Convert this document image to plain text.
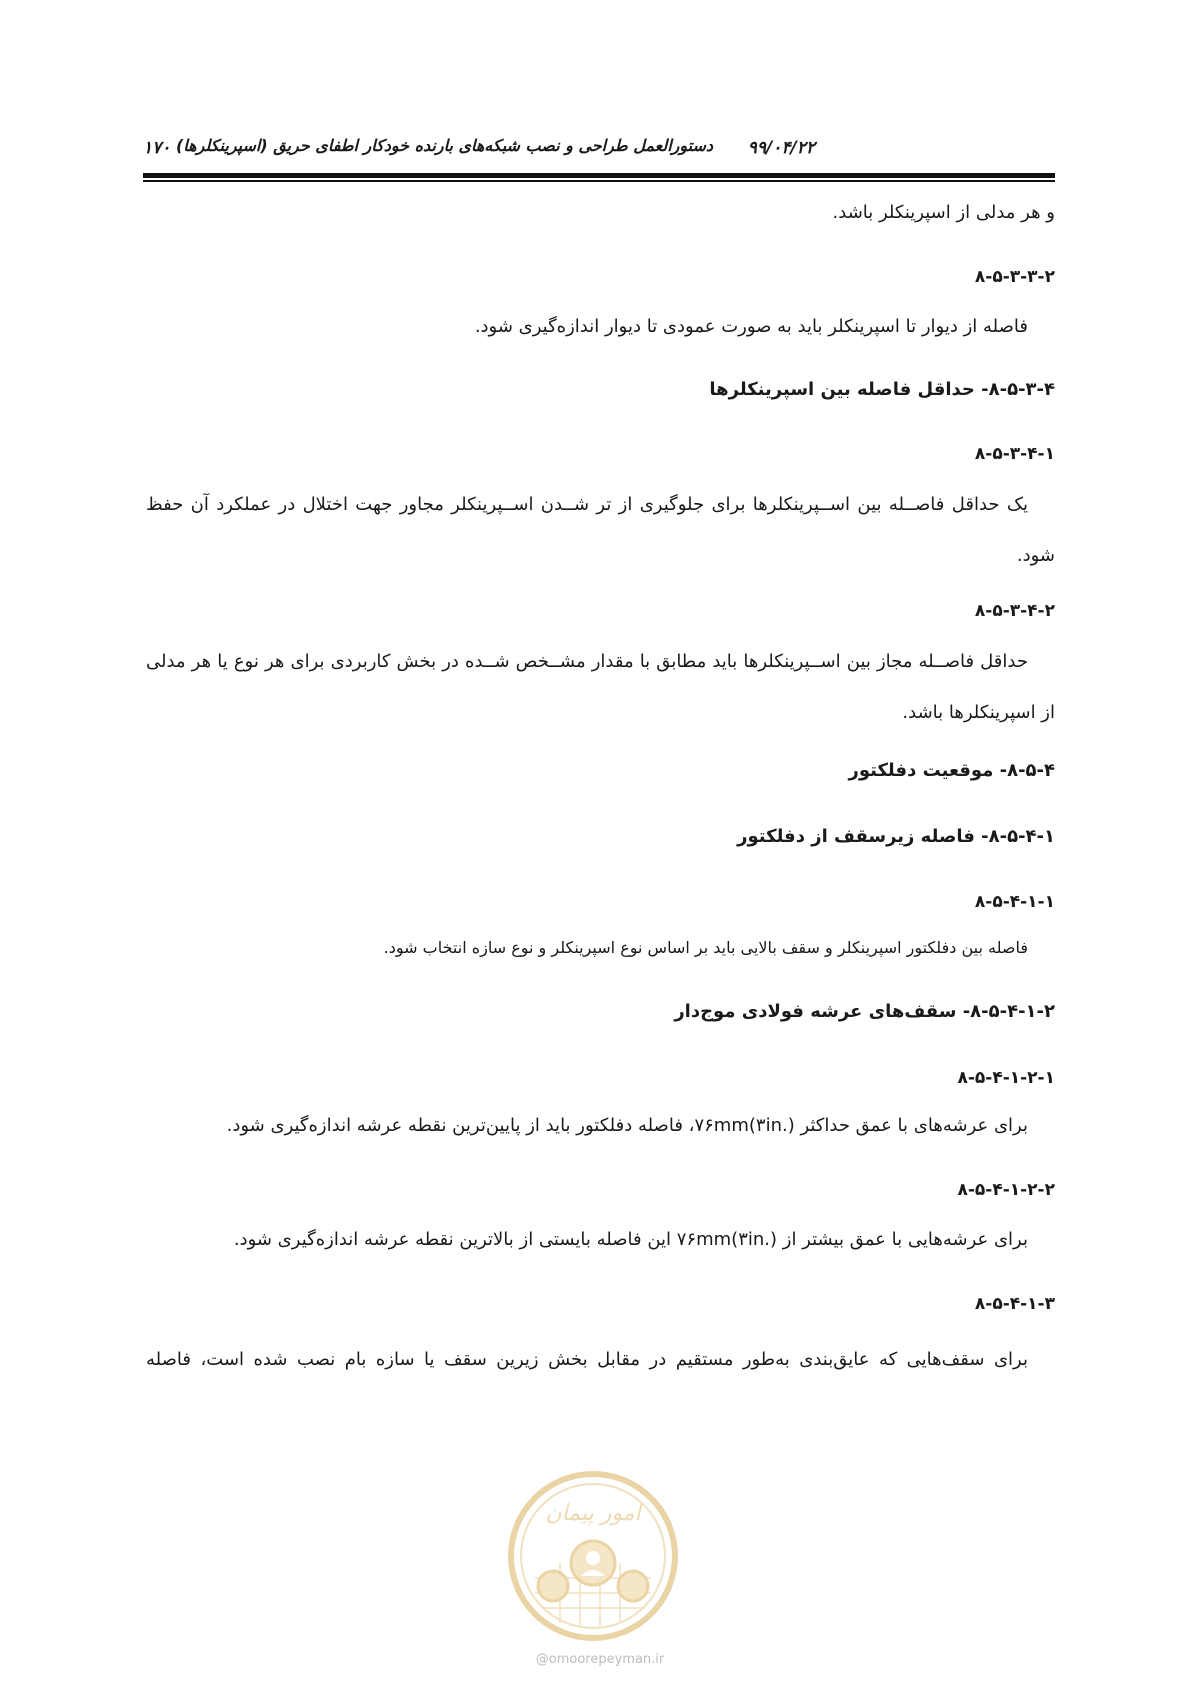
دستورالعمل طراحی و نصب شبکه‌های بارنده خودکار اطفای حریق (اسپرینکلرها) ۹۹/۰۴/۲۲
۱۷۰
و هر مدلی از اسپرینکلر باشد.
۸-۵-۳-۳-۲
فاصله از دیوار تا اسپرینکلر باید به صورت عمودی تا دیوار اندازه‌گیری شود.
۸-۵-۳-۴- حداقل فاصله بین اسپرینکلرها
۸-۵-۳-۴-۱
یک حداقل فاصــله بین اســپرینکلرها برای جلوگیری از تر شــدن اســپرینکلر مجاور جهت اختلال در عملکرد آن حفظ شود.
۸-۵-۳-۴-۲
حداقل فاصــله مجاز بین اســپرینکلرها باید مطابق با مقدار مشــخص شــده در بخش کاربردی برای هر نوع یا هر مدلی از اسپرینکلرها باشد.
۸-۵-۴- موقعیت دفلکتور
۸-۵-۴-۱- فاصله زیرسقف از دفلکتور
۸-۵-۴-۱-۱
فاصله بین دفلکتور اسپرینکلر و سقف بالایی باید بر اساس نوع اسپرینکلر و نوع سازه انتخاب شود.
۸-۵-۴-۱-۲- سقف‌های عرشه فولادی موج‌دار
۸-۵-۴-۱-۲-۱
برای عرشه‌های با عمق حداکثر ۷۶mm(۳in.)، فاصله دفلکتور باید از پایین‌ترین نقطه عرشه اندازه‌گیری شود.
۸-۵-۴-۱-۲-۲
برای عرشه‌هایی با عمق بیشتر از ۷۶mm(۳in.) این فاصله بایستی از بالاترین نقطه عرشه اندازه‌گیری شود.
۸-۵-۴-۱-۳
برای سقف‌هایی که عایق‌بندی به‌طور مستقیم در مقابل بخش زیرین سقف یا سازه بام نصب شده است، فاصله
امور پیمان
@omoorepeyman.ir
